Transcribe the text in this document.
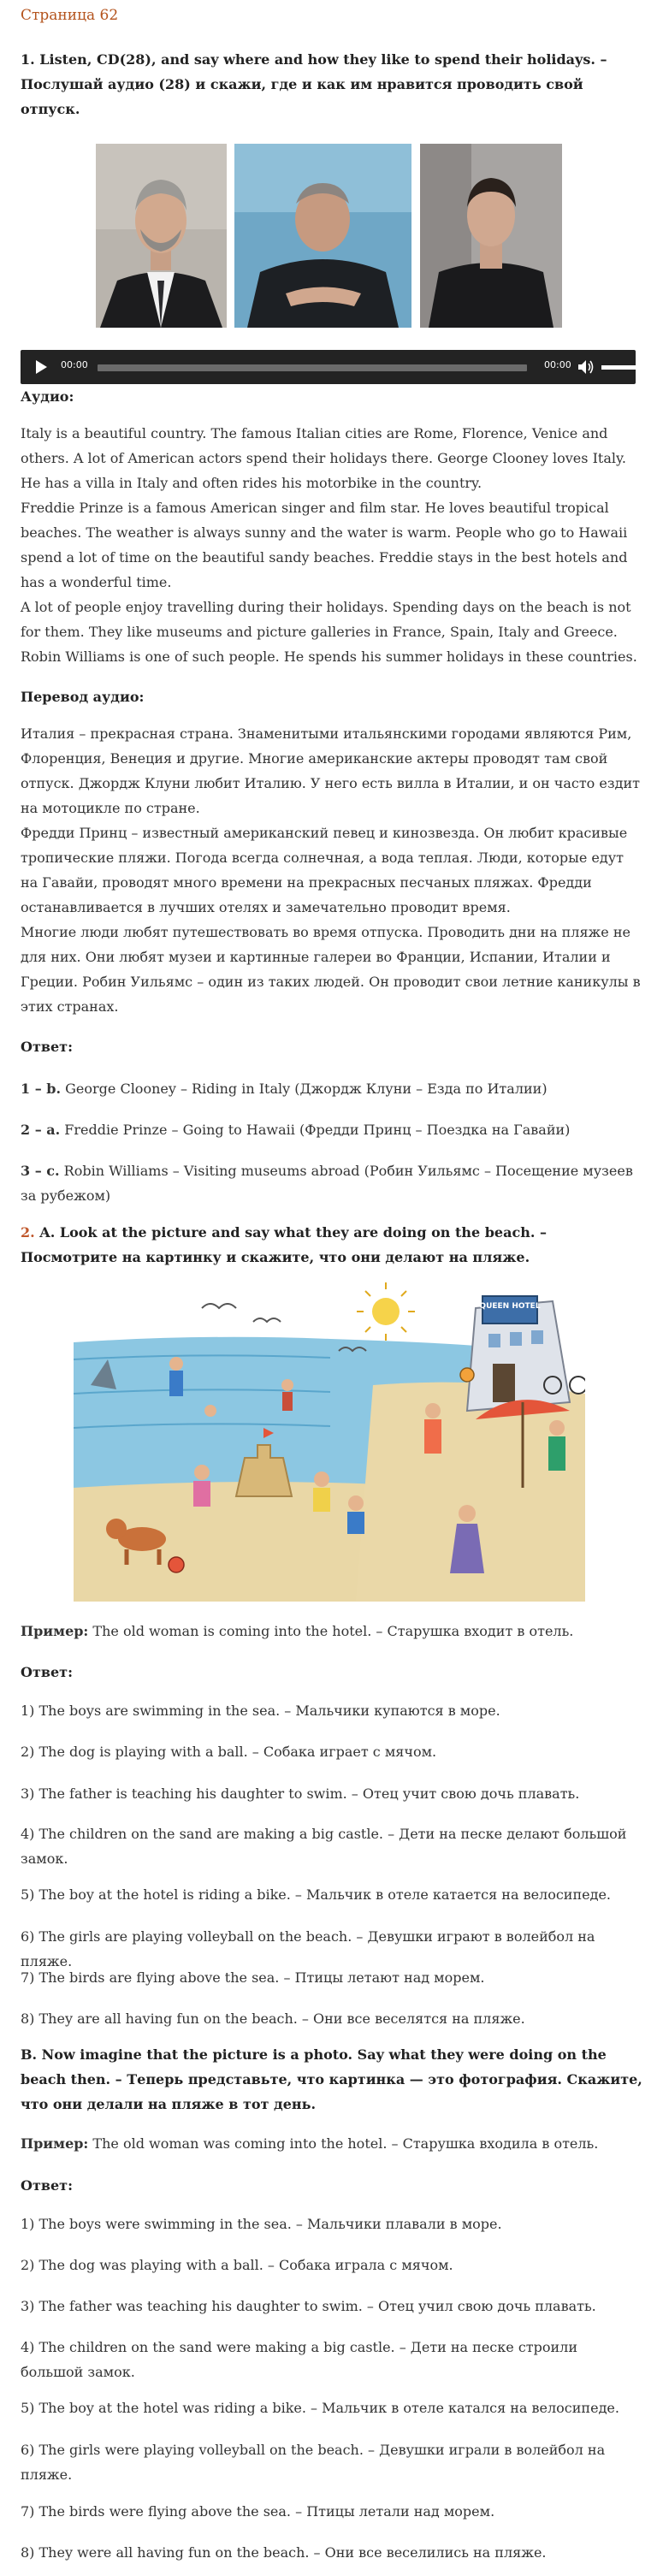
Страница 62
1. Listen, CD(28), and say where and how they like to spend their holidays. – Послушай аудио (28) и скажи, где и как им нравится проводить свой отпуск.
00:00	00:00
Аудио:

Italy is a beautiful country. The famous Italian cities are Rome, Florence, Venice and others. A lot of American actors spend their holidays there. George Clooney loves Italy. He has a villa in Italy and often rides his motorbike in the country.

Freddie Prinze is a famous American singer and film star. He loves beautiful tropical beaches. The weather is always sunny and the water is warm. People who go to Hawaii spend a lot of time on the beautiful sandy beaches. Freddie stays in the best hotels and has a wonderful time.

A lot of people enjoy travelling during their holidays. Spending days on the beach is not for them. They like museums and picture galleries in France, Spain, Italy and Greece. Robin Williams is one of such people. He spends his summer holidays in these countries.

Перевод аудио:

Италия – прекрасная страна. Знаменитыми итальянскими городами являются Рим, Флоренция, Венеция и другие. Многие американские актеры проводят там свой отпуск. Джордж Клуни любит Италию. У него есть вилла в Италии, и он часто ездит на мотоцикле по стране.

Фредди Принц – известный американский певец и кинозвезда. Он любит красивые тропические пляжи. Погода всегда солнечная, а вода теплая. Люди, которые едут на Гавайи, проводят много времени на прекрасных песчаных пляжах. Фредди останавливается в лучших отелях и замечательно проводит время.

Многие люди любят путешествовать во время отпуска. Проводить дни на пляже не для них. Они любят музеи и картинные галереи во Франции, Испании, Италии и Греции. Робин Уильямс – один из таких людей. Он проводит свои летние каникулы в этих странах.

Ответ:
1 – b. George Clooney – Riding in Italy (Джордж Клуни – Езда по Италии)
2 – a. Freddie Prinze – Going to Hawaii (Фредди Принц – Поездка на Гавайи)
3 – c. Robin Williams – Visiting museums abroad (Робин Уильямс – Посещение музеев за рубежом)
2. A. Look at the picture and say what they are doing on the beach. – Посмотрите на картинку и скажите, что они делают на пляже.
QUEEN HOTEL
Пример: The old woman is coming into the hotel. – Старушка входит в отель.
Ответ:
1) The boys are swimming in the sea. – Мальчики купаются в море.
2) The dog is playing with a ball. – Собака играет с мячом.
3) The father is teaching his daughter to swim. – Отец учит свою дочь плавать.
4) The children on the sand are making a big castle. – Дети на песке делают большой замок.
5) The boy at the hotel is riding a bike. – Мальчик в отеле катается на велосипеде.
6) The girls are playing volleyball on the beach. – Девушки играют в волейбол на пляже.
7) The birds are flying above the sea. – Птицы летают над морем.
8) They are all having fun on the beach. – Они все веселятся на пляже.
B. Now imagine that the picture is a photo. Say what they were doing on the beach then. – Теперь представьте, что картинка — это фотография. Скажите, что они делали на пляже в тот день.
Пример: The old woman was coming into the hotel. – Старушка входила в отель.
Ответ:
1) The boys were swimming in the sea. – Мальчики плавали в море.
2) The dog was playing with a ball. – Собака играла с мячом.
3) The father was teaching his daughter to swim. – Отец учил свою дочь плавать.
4) The children on the sand were making a big castle. – Дети на песке строили большой замок.
5) The boy at the hotel was riding a bike. – Мальчик в отеле катался на велосипеде.
6) The girls were playing volleyball on the beach. – Девушки играли в волейбол на пляже.
7) The birds were flying above the sea. – Птицы летали над морем.
8) They were all having fun on the beach. – Они все веселились на пляже.
